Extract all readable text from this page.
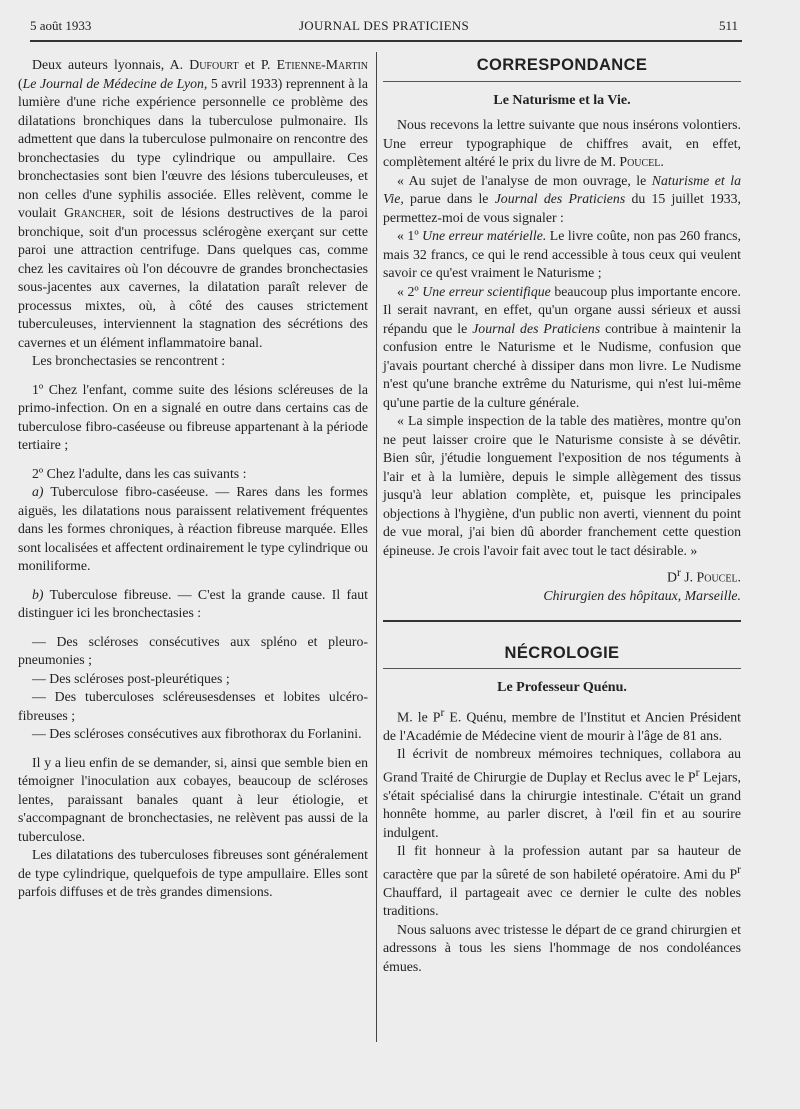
5 août 1933	JOURNAL DES PRATICIENS	511

Deux auteurs lyonnais, A. Dufourt et P. Etienne-Martin (Le Journal de Médecine de Lyon, 5 avril 1933) reprennent à la lumière d'une riche expérience personnelle ce problème des dilatations bronchiques dans la tuberculose pulmonaire. Ils admettent que dans la tuberculose pulmonaire on rencontre des bronchectasies du type cylindrique ou ampullaire. Ces bronchectasies sont bien l'œuvre des lésions tuberculeuses, et non celles d'une syphilis associée. Elles relèvent, comme le voulait Grancher, soit de lésions destructives de la paroi bronchique, soit d'un processus sclérogène exerçant sur cette paroi une attraction centrifuge. Dans quelques cas, comme chez les cavitaires où l'on découvre de grandes bronchectasies sous-jacentes aux cavernes, la dilatation paraît relever de processus mixtes, où, à côté des causes strictement tuberculeuses, interviennent la stagnation des sécrétions des cavernes et un élément inflammatoire banal.

Les bronchectasies se rencontrent :

1º Chez l'enfant, comme suite des lésions scléreuses de la primo-infection. On en a signalé en outre dans certains cas de tuberculose fibro-caséeuse ou fibreuse appartenant à la période tertiaire ;

2º Chez l'adulte, dans les cas suivants :

a) Tuberculose fibro-caséeuse. — Rares dans les formes aiguës, les dilatations nous paraissent relativement fréquentes dans les formes chroniques, à réaction fibreuse marquée. Elles sont localisées et affectent ordinairement le type cylindrique ou moniliforme.

b) Tuberculose fibreuse. — C'est la grande cause. Il faut distinguer ici les bronchectasies :

— Des scléroses consécutives aux spléno et pleuro-pneumonies ;

— Des scléroses post-pleurétiques ;

— Des tuberculoses scléreusesdenses et lobites ulcéro-fibreuses ;

— Des scléroses consécutives aux fibrothorax du Forlanini.

Il y a lieu enfin de se demander, si, ainsi que semble bien en témoigner l'inoculation aux cobayes, beaucoup de scléroses lentes, paraissant banales quant à leur étiologie, et s'accompagnant de bronchectasies, ne relèvent pas aussi de la tuberculose.

Les dilatations des tuberculoses fibreuses sont généralement de type cylindrique, quelquefois de type ampullaire. Elles sont parfois diffuses et de très grandes dimensions.

CORRESPONDANCE
Le Naturisme et la Vie.

Nous recevons la lettre suivante que nous insérons volontiers. Une erreur typographique de chiffres avait, en effet, complètement altéré le prix du livre de M. Poucel.

« Au sujet de l'analyse de mon ouvrage, le Naturisme et la Vie, parue dans le Journal des Praticiens du 15 juillet 1933, permettez-moi de vous signaler :

« 1º Une erreur matérielle. Le livre coûte, non pas 260 francs, mais 32 francs, ce qui le rend accessible à tous ceux qui veulent savoir ce qu'est vraiment le Naturisme ;

« 2º Une erreur scientifique beaucoup plus importante encore. Il serait navrant, en effet, qu'un organe aussi sérieux et aussi répandu que le Journal des Praticiens contribue à maintenir la confusion entre le Naturisme et le Nudisme, confusion que j'avais pourtant cherché à dissiper dans mon livre. Le Nudisme n'est qu'une branche extrême du Naturisme, qui n'est lui-même qu'une partie de la culture générale.

« La simple inspection de la table des matières, montre qu'on ne peut laisser croire que le Naturisme consiste à se dévêtir. Bien sûr, j'étudie longuement l'exposition de nos téguments à l'air et à la lumière, depuis le simple allègement des tissus jusqu'à leur ablation complète, et, puisque les principales objections à l'hygiène, d'un public non averti, viennent du point de vue moral, j'ai bien dû aborder franchement cette question épineuse. Je crois l'avoir fait avec tout le tact désirable. »

$D^r$ J. Poucel.

Chirurgien des hôpitaux, Marseille.

NÉCROLOGIE
Le Professeur Quénu.

M. le $P^r$ E. Quénu, membre de l'Institut et Ancien Président de l'Académie de Médecine vient de mourir à l'âge de 81 ans.

Il écrivit de nombreux mémoires techniques, collabora au Grand Traité de Chirurgie de Duplay et Reclus avec le $P^r$ Lejars, s'était spécialisé dans la chirurgie intestinale. C'était un grand honnête homme, au parler discret, à l'œil fin et au sourire indulgent.

Il fit honneur à la profession autant par sa hauteur de caractère que par la sûreté de son habileté opératoire. Ami du $P^r$ Chauffard, il partageait avec ce dernier le culte des nobles traditions.

Nous saluons avec tristesse le départ de ce grand chirurgien et adressons à tous les siens l'hommage de nos condoléances émues.
